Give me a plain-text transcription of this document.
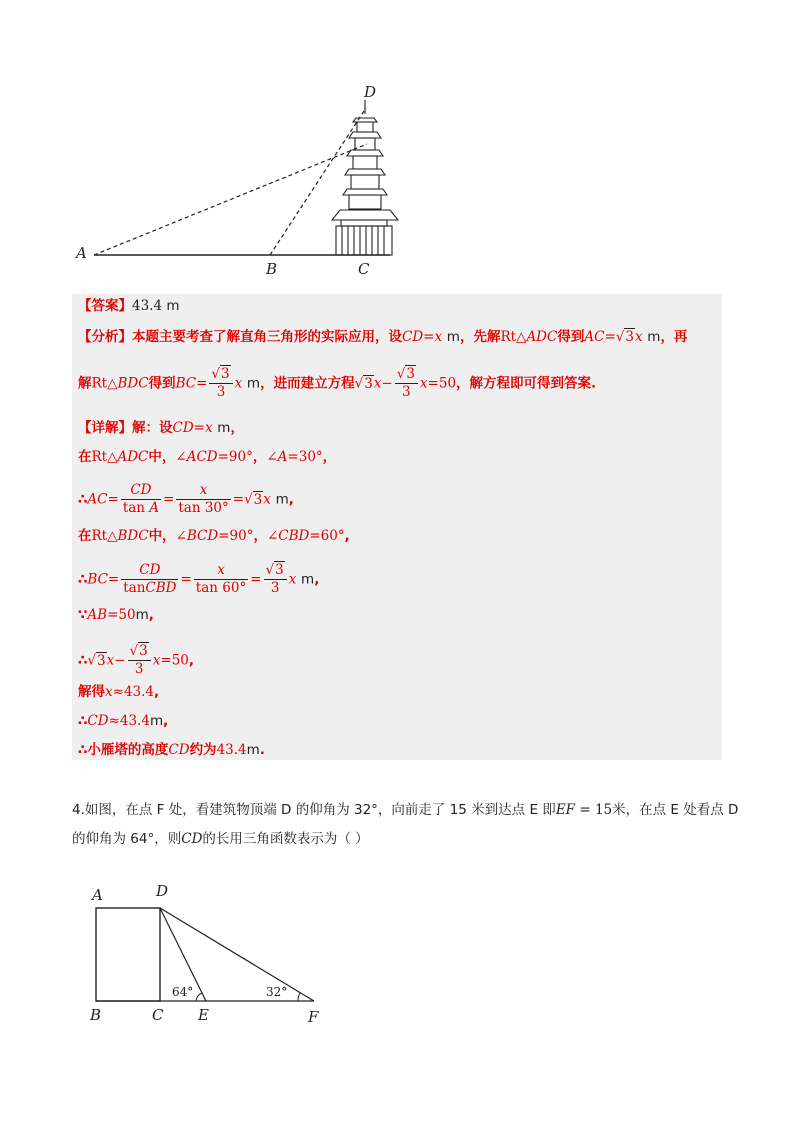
D
A
B	C
【答案】43.4 m
【分析】本题主要考查了解直角三角形的实际应用，设CD=x m，先解Rt△ADC得到AC=√3x m，再
解Rt△BDC得到$BC= \frac{√3}{3}$ x m，进而建立方程$√3x- \frac{√3}{3} x=50$，解方程即可得到答案.
【详解】解：设CD=x m，
在Rt△ADC中，∠ACD=90°，∠A=30°，
∴AC= $\frac{CD}{\text{tan A}} = \frac{x}{\tan 30^\circ} =√3x$ m,
在Rt△BDC中，∠BCD=90°，∠CBD=60°,
∴BC= $\frac{CD}{\text{tanCBD}} = \frac{x}{\tan 60^\circ} = \frac{√3}{3}$ x m,
∵AB=50m,
∴√3x− $\frac{√3}{3} x=50$,
解得x≈43.4,
∴CD≈43.4m,
∴小雁塔的高度CD约为43.4m.
4.如图，在点 F 处，看建筑物顶端 D 的仰角为 32°，向前走了 15 米到达点 E 即EF = 15米，在点 E 处看点 D
的仰角为 64°，则CD的长用三角函数表示为（ ）
A	D
B	C E	F
64°	32°
